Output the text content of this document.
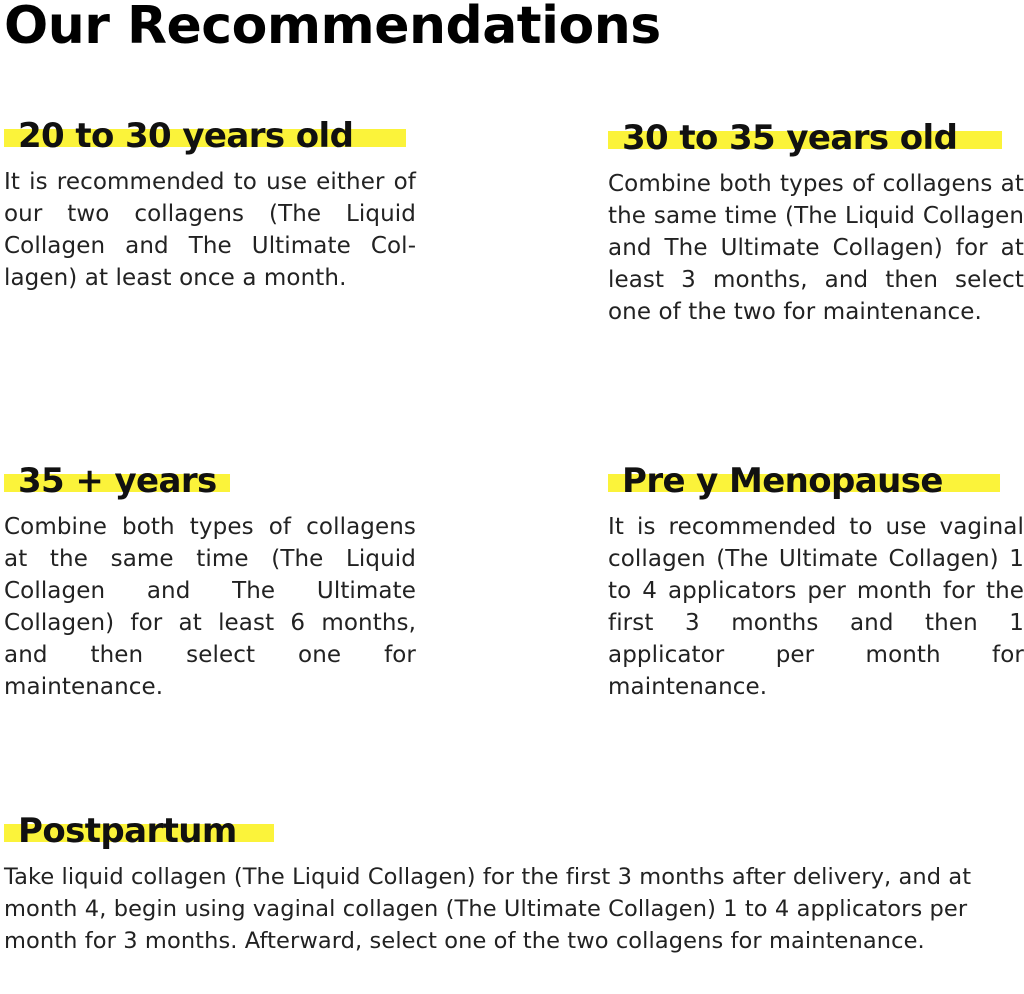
Our Recommendations
20 to 30 years old

It is recommended to use either of our two collagens (The Liquid Collagen and The Ultimate Collagen) at least once a month.

30 to 35 years old

Combine both types of collagens at the same time (The Liquid Collagen and The Ultimate Collagen) for at least 3 months, and then select one of the two for maintenance.

35 + years

Combine both types of collagens at the same time (The Liquid Collagen and The Ultimate Collagen) for at least 6 months, and then select one for maintenance.

Pre y Menopause

It is recommended to use vaginal collagen (The Ultimate Collagen) 1 to 4 applicators per month for the first 3 months and then 1 applicator per month for maintenance.

Postpartum

Take liquid collagen (The Liquid Collagen) for the first 3 months after delivery, and at month 4, begin using vaginal collagen (The Ultimate Collagen) 1 to 4 applicators per month for 3 months. Afterward, select one of the two collagens for maintenance.
